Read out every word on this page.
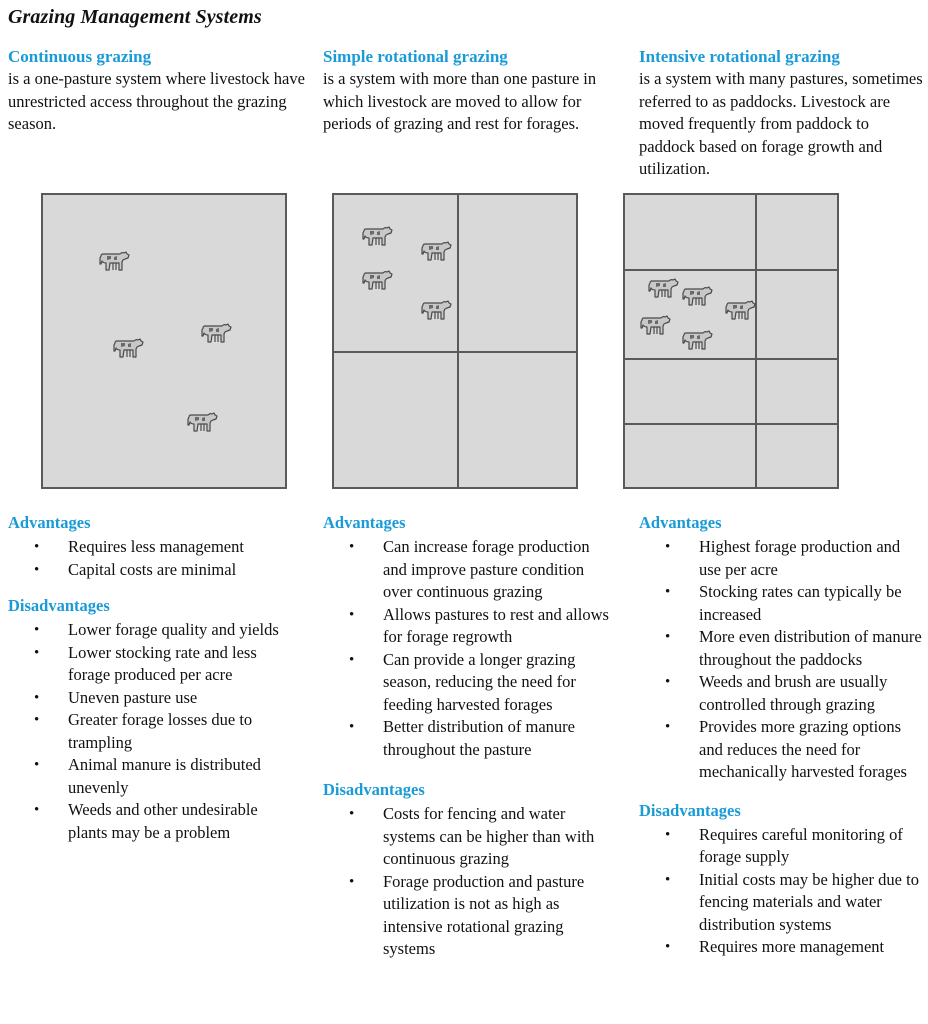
Grazing Management Systems

Continuous grazing

is a one-pasture system where livestock have unrestricted access throughout the grazing season.

Simple rotational grazing

is a system with more than one pasture in which livestock are moved to allow for periods of grazing and rest for forages.

Intensive rotational grazing

is a system with many pastures, sometimes referred to as paddocks. Livestock are moved frequently from paddock to paddock based on forage growth and utilization.

Advantages

• Requires less management
• Capital costs are minimal

Disadvantages

• Lower forage quality and yields
• Lower stocking rate and less forage produced per acre
• Uneven pasture use
• Greater forage losses due to trampling
• Animal manure is distributed unevenly
• Weeds and other undesirable plants may be a problem

Advantages

• Can increase forage production and improve pasture condition over continuous grazing
• Allows pastures to rest and allows for forage regrowth
• Can provide a longer grazing season, reducing the need for feeding harvested forages
• Better distribution of manure throughout the pasture

Disadvantages

• Costs for fencing and water systems can be higher than with continuous grazing
• Forage production and pasture utilization is not as high as intensive rotational grazing systems

Advantages

• Highest forage production and use per acre
• Stocking rates can typically be increased
• More even distribution of manure throughout the paddocks
• Weeds and brush are usually controlled through grazing
• Provides more grazing options and reduces the need for mechanically harvested forages

Disadvantages

• Requires careful monitoring of forage supply
• Initial costs may be higher due to fencing materials and water distribution systems
• Requires more management
